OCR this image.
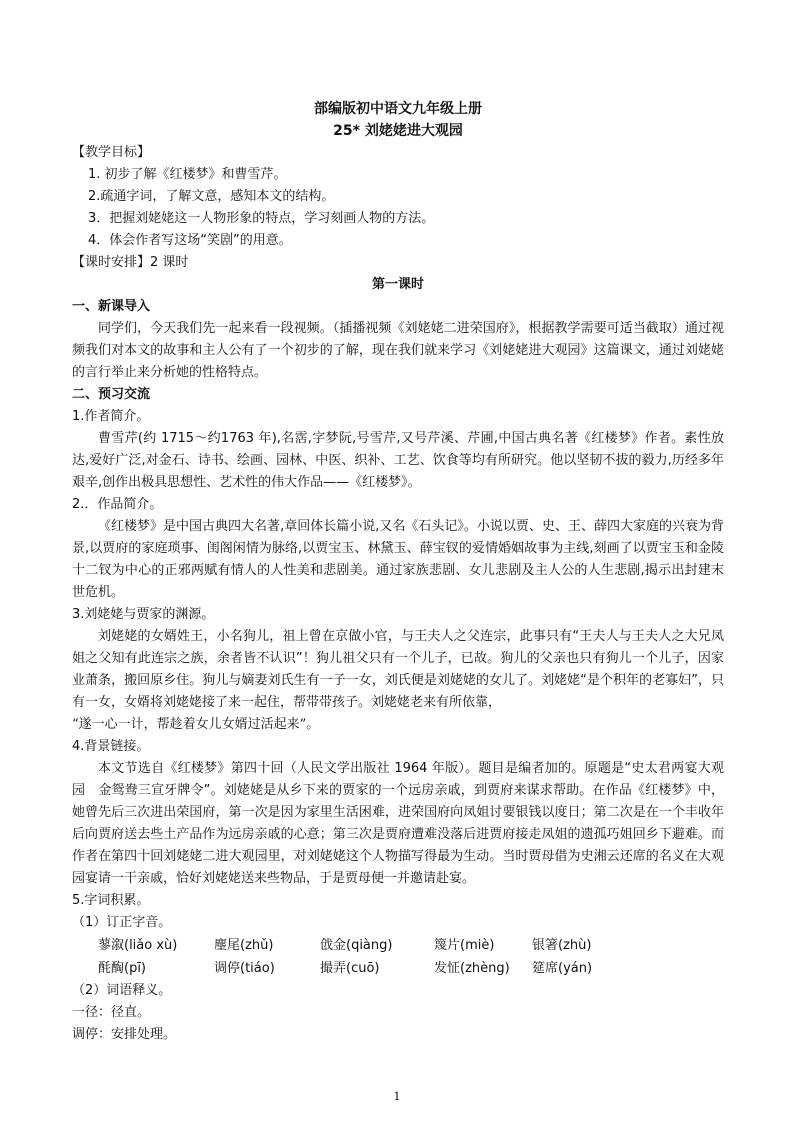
部编版初中语文九年级上册
25* 刘姥姥进大观园
【教学目标】
1. 初步了解《红楼梦》和曹雪芹。
2.疏通字词，了解文意，感知本文的结构。
3．把握刘姥姥这一人物形象的特点，学习刻画人物的方法。
4．体会作者写这场“笑剧”的用意。
【课时安排】2 课时
第一课时
一、新课导入
同学们，今天我们先一起来看一段视频。（插播视频《刘姥姥二进荣国府》，根据教学需要可适当截取）通过视频我们对本文的故事和主人公有了一个初步的了解，现在我们就来学习《刘姥姥进大观园》这篇课文，通过刘姥姥的言行举止来分析她的性格特点。
二、预习交流
1.作者简介。
曹雪芹(约 1715～约1763 年),名霑,字梦阮,号雪芹,又号芹溪、芹圃,中国古典名著《红楼梦》作者。素性放达,爱好广泛,对金石、诗书、绘画、园林、中医、织补、工艺、饮食等均有所研究。他以坚韧不拔的毅力,历经多年艰辛,创作出极具思想性、艺术性的伟大作品——《红楼梦》。
2.．作品简介。
《红楼梦》是中国古典四大名著,章回体长篇小说,又名《石头记》。小说以贾、史、王、薛四大家庭的兴衰为背景,以贾府的家庭琐事、闺阁闲情为脉络,以贾宝玉、林黛玉、薛宝钗的爱情婚姻故事为主线,刻画了以贾宝玉和金陵十二钗为中心的正邪两赋有情人的人性美和悲剧美。通过家族悲剧、女儿悲剧及主人公的人生悲剧,揭示出封建末世危机。
3.刘姥姥与贾家的渊源。
刘姥姥的女婿姓王，小名狗儿，祖上曾在京做小官，与王夫人之父连宗，此事只有“王夫人与王夫人之大兄凤姐之父知有此连宗之族，余者皆不认识”！狗儿祖父只有一个儿子，已故。狗儿的父亲也只有狗儿一个儿子，因家业萧条，搬回原乡住。狗儿与嫡妻刘氏生有一子一女，刘氏便是刘姥姥的女儿了。刘姥姥“是个积年的老寡妇”，只有一女，女婿将刘姥姥接了来一起住，帮带带孩子。刘姥姥老来有所依靠，
“遂一心一计，帮趁着女儿女婿过活起来”。
4.背景链接。
本文节选自《红楼梦》第四十回（人民文学出版社 1964 年版）。题目是编者加的。原题是“史太君两宴大观园　金鸳鸯三宣牙牌令”。刘姥姥是从乡下来的贾家的一个远房亲戚，到贾府来谋求帮助。在作品《红楼梦》中，她曾先后三次进出荣国府，第一次是因为家里生活困难，进荣国府向凤姐讨要银钱以度日；第二次是在一个丰收年后向贾府送去些土产品作为远房亲戚的心意；第三次是贾府遭难没落后进贾府接走凤姐的遗孤巧姐回乡下避难。而作者在第四十回刘姥姥二进大观园里，对刘姥姥这个人物描写得最为生动。当时贾母借为史湘云还席的名义在大观园宴请一干亲戚，恰好刘姥姥送来些物品，于是贾母便一并邀请赴宴。
5.字词积累。
（1）订正字音。
蓼溆(liǎo xù)	麈尾(zhǔ)	戗金(qiàng)	篾片(miè)	银箸(zhù)
酕醄(pī)	调停(tiáo)	撮弄(cuō)	发怔(zhèng) 筵席(yán)
（2）词语释义。
一径：径直。
调停：安排处理。
1
